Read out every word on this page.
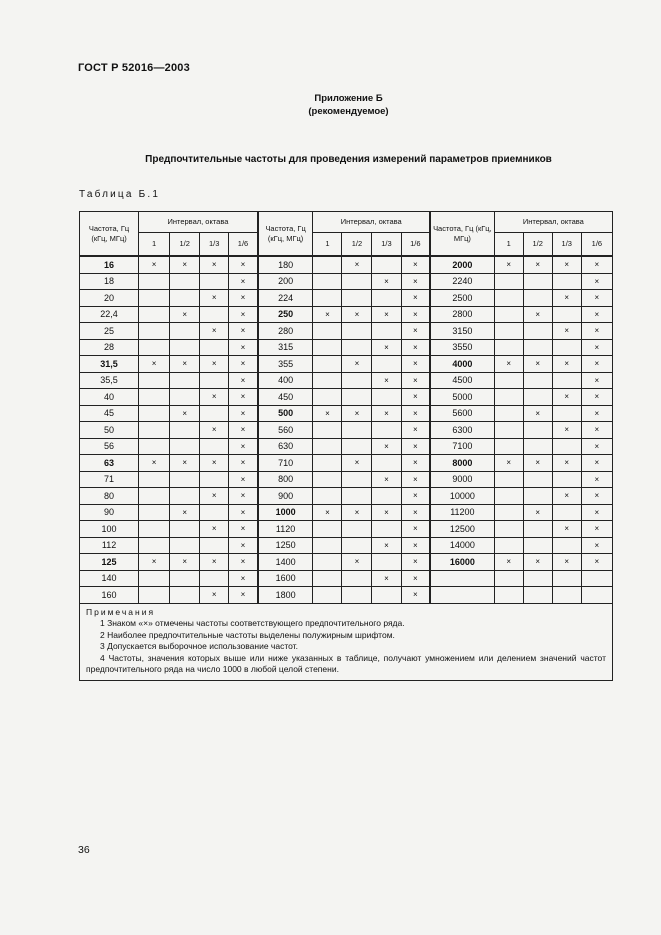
ГОСТ Р 52016—2003
Приложение Б
(рекомендуемое)
Предпочтительные частоты для проведения измерений параметров приемников
Таблица Б.1
Частота, Гц (кГц, МГц)	Интервал, октава				Частота, Гц (кГц, МГц)	Интервал, октава				Частота, Гц (кГц, МГц)	Интервал, октава			
	1	1/2	1/3	1/6		1	1/2	1/3	1/6		1	1/2	1/3	1/6
16	×	×	×	×	180		×		×	2000	×	×	×	×
18				×	200			×	×	2240				×
20			×	×	224				×	2500			×	×
22,4		×		×	250	×	×	×	×	2800		×		×
25			×	×	280				×	3150			×	×
28				×	315			×	×	3550				×
31,5	×	×	×	×	355		×		×	4000	×	×	×	×
35,5				×	400			×	×	4500				×
40			×	×	450				×	5000			×	×
45		×		×	500	×	×	×	×	5600		×		×
50			×	×	560				×	6300			×	×
56				×	630			×	×	7100				×
63	×	×	×	×	710		×		×	8000	×	×	×	×
71				×	800			×	×	9000				×
80			×	×	900				×	10000			×	×
90		×		×	1000	×	×	×	×	11200		×		×
100			×	×	1120				×	12500			×	×
112				×	1250			×	×	14000				×
125	×	×	×	×	1400		×		×	16000	×	×	×	×
140				×	1600			×	×					
160			×	×	1800				×					

Примечания
1 Знаком «×» отмечены частоты соответствующего предпочтительного ряда.
2 Наиболее предпочтительные частоты выделены полужирным шрифтом.
3 Допускается выборочное использование частот.
4 Частоты, значения которых выше или ниже указанных в таблице, получают умножением или делением значений частот предпочтительного ряда на число 1000 в любой целой степени.														
36
